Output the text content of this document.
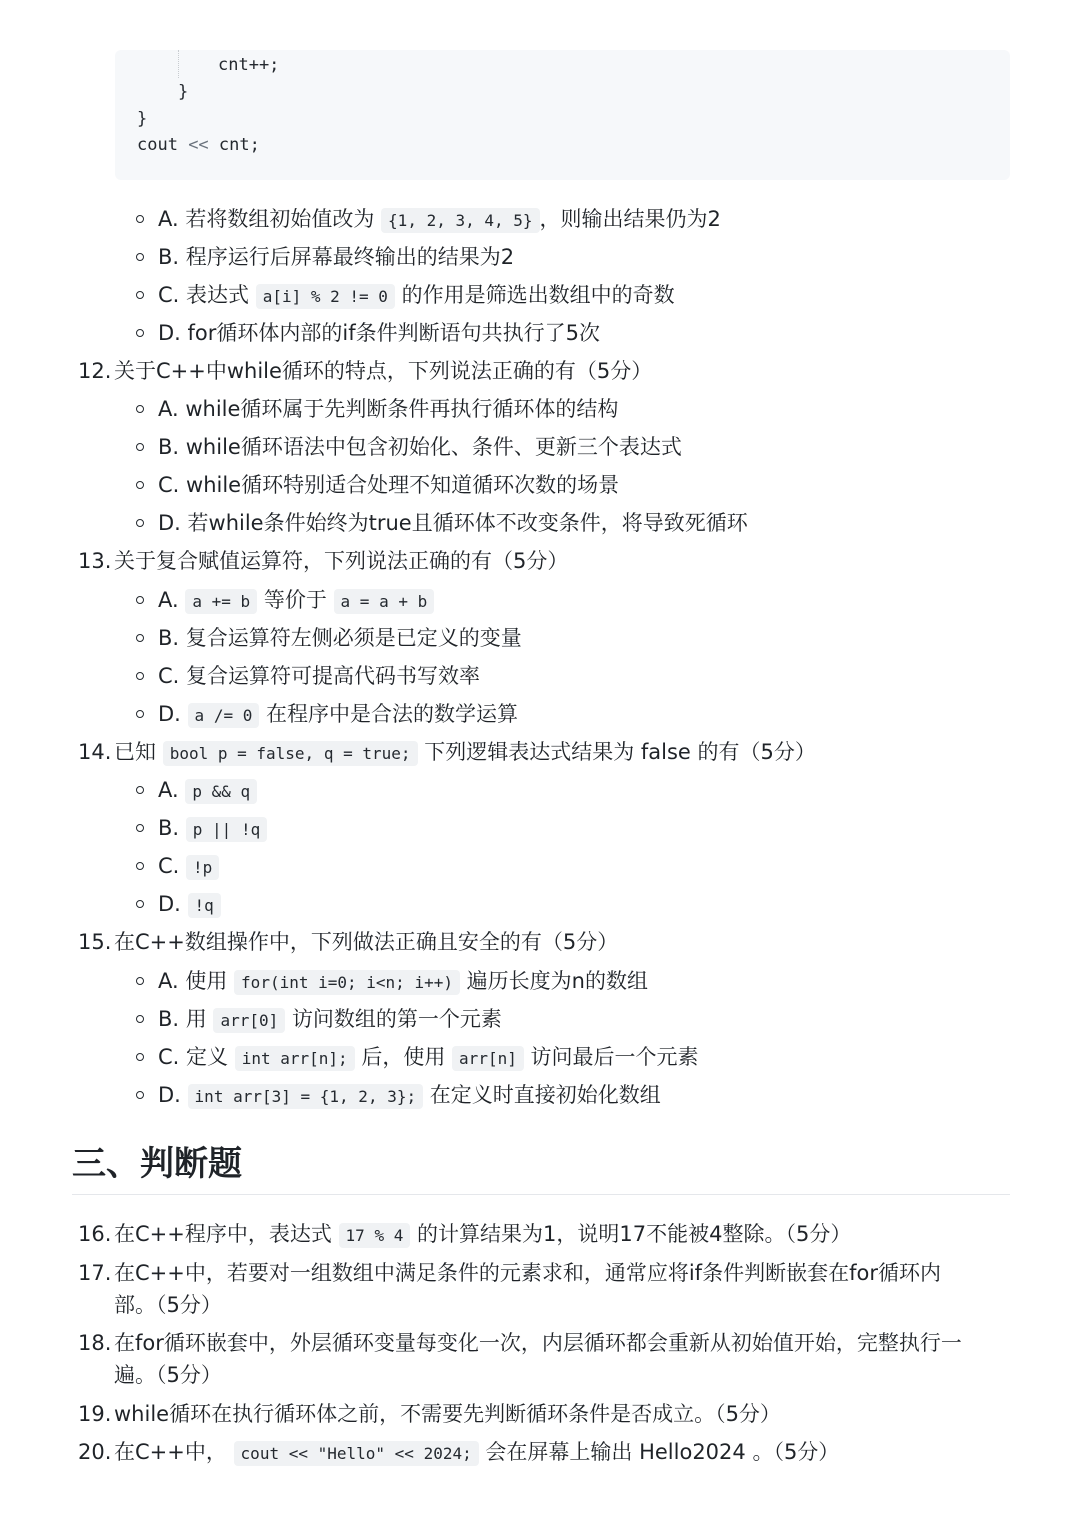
cnt++;
}
}
cout << cnt;
A. 若将数组初始值改为 {1, 2, 3, 4, 5} ，则输出结果仍为2
B. 程序运行后屏幕最终输出的结果为2
C. 表达式 a[i] % 2 != 0 的作用是筛选出数组中的奇数
D. for循环体内部的if条件判断语句共执行了5次
12. 关于C++中while循环的特点，下列说法正确的有（5分）
A. while循环属于先判断条件再执行循环体的结构
B. while循环语法中包含初始化、条件、更新三个表达式
C. while循环特别适合处理不知道循环次数的场景
D. 若while条件始终为true且循环体不改变条件，将导致死循环
13. 关于复合赋值运算符，下列说法正确的有（5分）
A. a += b 等价于 a = a + b
B. 复合运算符左侧必须是已定义的变量
C. 复合运算符可提高代码书写效率
D. a /= 0 在程序中是合法的数学运算
14. 已知 bool p = false, q = true; 下列逻辑表达式结果为 false 的有（5分）
A. p && q
B. p || !q
C. !p
D. !q
15. 在C++数组操作中，下列做法正确且安全的有（5分）
A. 使用 for(int i=0; i<n; i++) 遍历长度为n的数组
B. 用 arr[0] 访问数组的第一个元素
C. 定义 int arr[n]; 后，使用 arr[n] 访问最后一个元素
D. int arr[3] = {1, 2, 3}; 在定义时直接初始化数组
三、判断题
16. 在C++程序中，表达式 17 % 4 的计算结果为1，说明17不能被4整除。（5分）
17. 在C++中，若要对一组数组中满足条件的元素求和，通常应将if条件判断嵌套在for循环内
部。（5分）
18. 在for循环嵌套中，外层循环变量每变化一次，内层循环都会重新从初始值开始，完整执行一
遍。（5分）
19. while循环在执行循环体之前，不需要先判断循环条件是否成立。（5分）
20. 在C++中， cout << "Hello" << 2024; 会在屏幕上输出 Hello2024 。（5分）
